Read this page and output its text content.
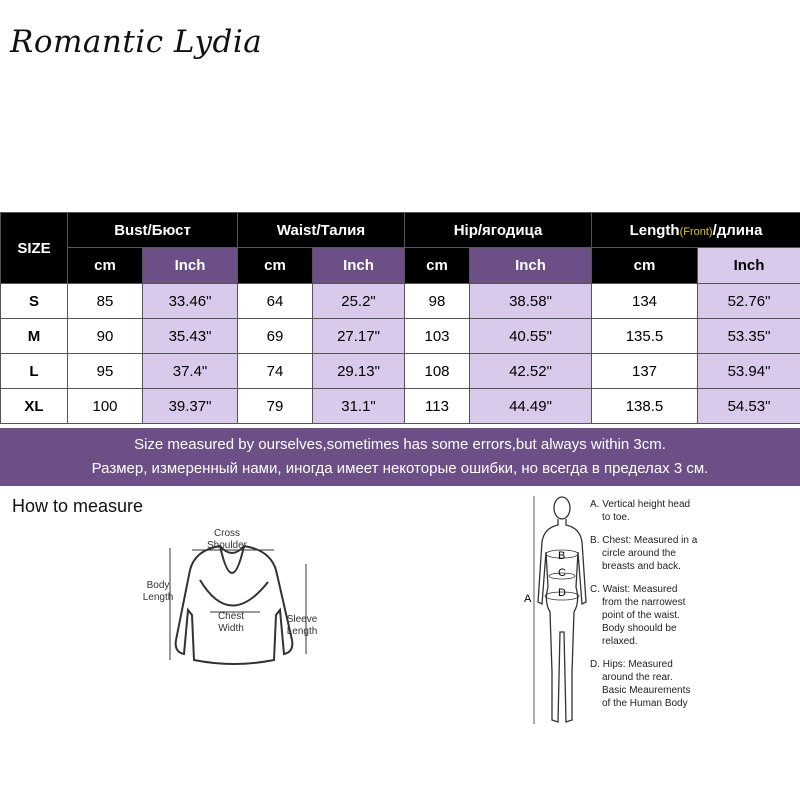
Romantic Lydia
SIZE	Bust/Бюст		Waist/Талия		Hip/ягодица		Length(Front)/длина	
	cm	Inch	cm	Inch	cm	Inch	cm	Inch
S	85	33.46"	64	25.2"	98	38.58"	134	52.76"
M	90	35.43"	69	27.17"	103	40.55"	135.5	53.35"
L	95	37.4"	74	29.13"	108	42.52"	137	53.94"
XL	100	39.37"	79	31.1"	113	44.49"	138.5	54.53"
Size measured by ourselves,sometimes has some errors,but always within 3cm.
Размер, измеренный нами, иногда имеет некоторые ошибки, но всегда в пределах 3 см.
How to measure
Cross
Shoulder
Body
Length
Chest
Width
Sleeve
Length
A
B
C
D

A. Vertical height head
to toe.

B. Chest: Measured in a
circle around the
breasts and back.

C. Waist: Measured
from the narrowest
point of the waist.
Body shoould be
relaxed.

D. Hips: Measured
around the rear.
Basic Meaurements
of the Human Body
